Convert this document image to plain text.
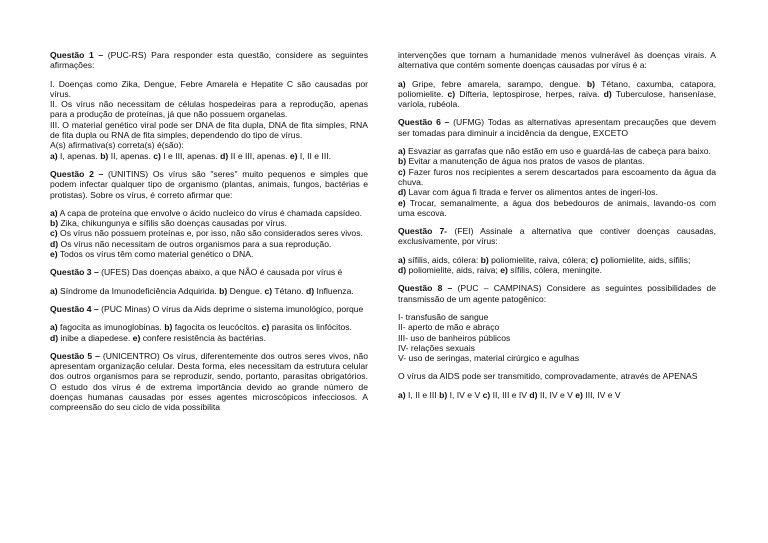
Questão 1 – (PUC-RS) Para responder esta questão, considere as seguintes afirmações:

I. Doenças como Zika, Dengue, Febre Amarela e Hepatite C são causadas por vírus.

II. Os vírus não necessitam de células hospedeiras para a reprodução, apenas para a produção de proteínas, já que não possuem organelas.

III. O material genético viral pode ser DNA de fita dupla, DNA de fita simples, RNA de fita dupla ou RNA de fita simples, dependendo do tipo de vírus.

A(s) afirmativa(s) correta(s) é(são):

a) I, apenas. b) II, apenas. c) I e III, apenas. d) II e III, apenas. e) I, II e III.

Questão 2 – (UNITINS) Os vírus são "seres" muito pequenos e simples que podem infectar qualquer tipo de organismo (plantas, animais, fungos, bactérias e protistas). Sobre os vírus, é correto afirmar que:

a) A capa de proteína que envolve o ácido nucleico do vírus é chamada capsídeo.

b) Zika, chikungunya e sífilis são doenças causadas por vírus.

c) Os vírus não possuem proteínas e, por isso, não são considerados seres vivos.

d) Os vírus não necessitam de outros organismos para a sua reprodução.

e) Todos os vírus têm como material genético o DNA.

Questão 3 – (UFES) Das doenças abaixo, a que NÃO é causada por vírus é

a) Síndrome da Imunodeficiência Adquirida. b) Dengue. c) Tétano. d) Influenza.

Questão 4 – (PUC Minas) O vírus da Aids deprime o sistema imunológico, porque

a) fagocita as imunoglobinas. b) fagocita os leucócitos. c) parasita os linfócitos.

d) inibe a diapedese. e) confere resistência às bactérias.

Questão 5 – (UNICENTRO) Os vírus, diferentemente dos outros seres vivos, não apresentam organização celular. Desta forma, eles necessitam da estrutura celular dos outros organismos para se reproduzir, sendo, portanto, parasitas obrigatórios. O estudo dos vírus é de extrema importância devido ao grande número de doenças humanas causadas por esses agentes microscópicos infecciosos. A compreensão do seu ciclo de vida possibilita

intervenções que tornam a humanidade menos vulnerável às doenças virais. A alternativa que contém somente doenças causadas por vírus é a:

a) Gripe, febre amarela, sarampo, dengue. b) Tétano, caxumba, catapora, poliomielite. c) Difteria, leptospirose, herpes, raiva. d) Tuberculose, hanseníase, varíola, rubéola.

Questão 6 – (UFMG) Todas as alternativas apresentam precauções que devem ser tomadas para diminuir a incidência da dengue, EXCETO

a) Esvaziar as garrafas que não estão em uso e guardá-las de cabeça para baixo.

b) Evitar a manutenção de água nos pratos de vasos de plantas.

c) Fazer furos nos recipientes a serem descartados para escoamento da água da chuva.

d) Lavar com água fi ltrada e ferver os alimentos antes de ingeri-los.

e) Trocar, semanalmente, a água dos bebedouros de animais, lavando-os com uma escova.

Questão 7- (FEI) Assinale a alternativa que contiver doenças causadas, exclusivamente, por vírus:

a) sífilis, aids, cólera: b) poliomielite, raiva, cólera; c) poliomielite, aids, sífilis;

d) poliomielite, aids, raiva; e) sífilis, cólera, meningite.

Questão 8 – (PUC – CAMPINAS) Considere as seguintes possibilidades de transmissão de um agente patogênico:

I- transfusão de sangue

II- aperto de mão e abraço

III- uso de banheiros públicos

IV- relações sexuais

V- uso de seringas, material cirúrgico e agulhas

O vírus da AIDS pode ser transmitido, comprovadamente, através de APENAS

a) I, II e III b) I, IV e V c) II, III e IV d) II, IV e V e) III, IV e V
